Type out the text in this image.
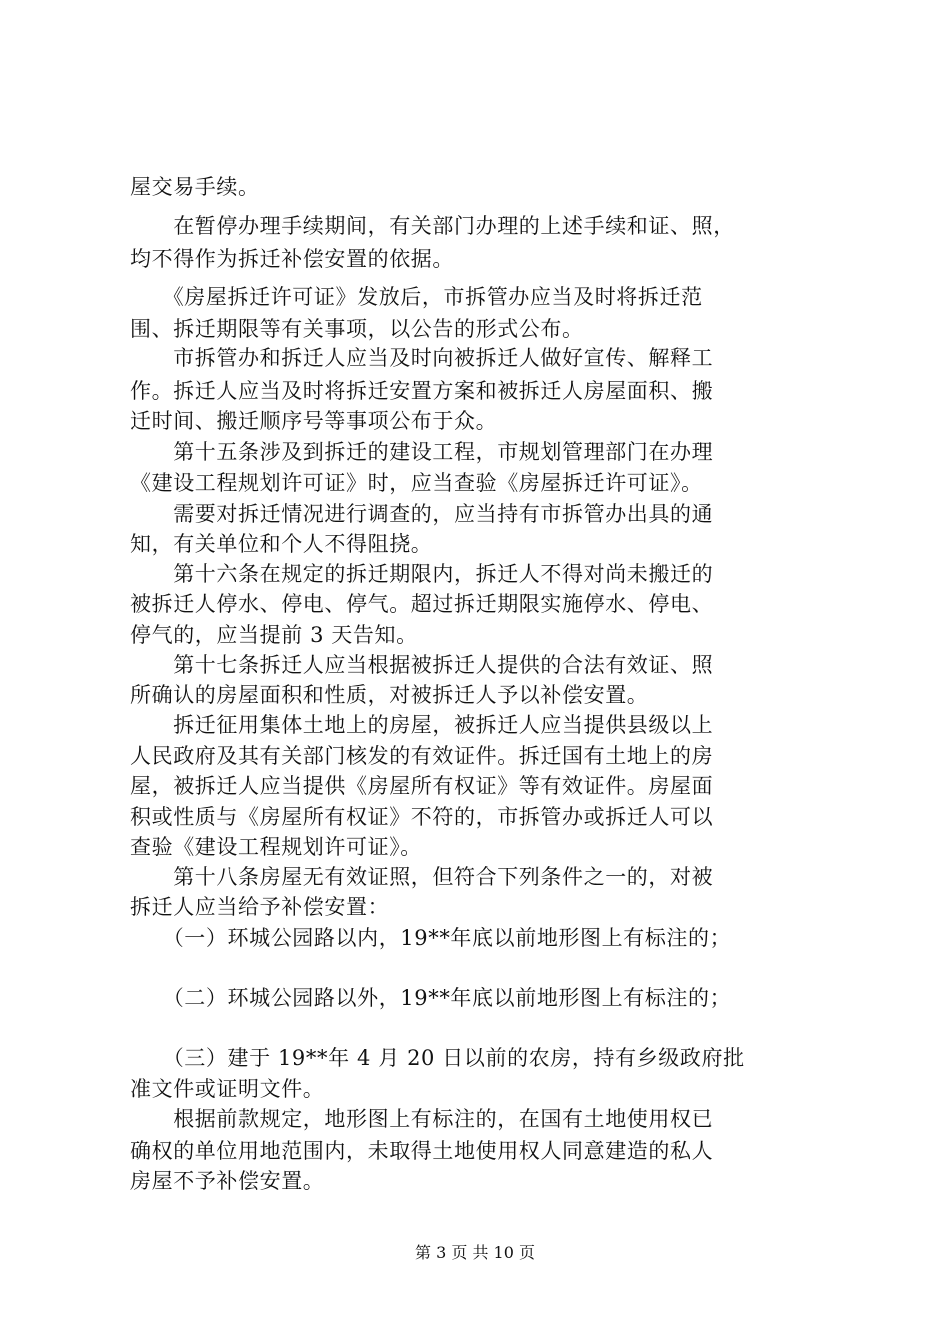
屋交易手续。
　　在暂停办理手续期间，有关部门办理的上述手续和证、照，
均不得作为拆迁补偿安置的依据。
　　《房屋拆迁许可证》发放后，市拆管办应当及时将拆迁范
围、拆迁期限等有关事项，以公告的形式公布。
　　市拆管办和拆迁人应当及时向被拆迁人做好宣传、解释工
作。拆迁人应当及时将拆迁安置方案和被拆迁人房屋面积、搬
迁时间、搬迁顺序号等事项公布于众。
　　第十五条涉及到拆迁的建设工程，市规划管理部门在办理
《建设工程规划许可证》时，应当查验《房屋拆迁许可证》。
　　需要对拆迁情况进行调查的，应当持有市拆管办出具的通
知，有关单位和个人不得阻挠。
　　第十六条在规定的拆迁期限内，拆迁人不得对尚未搬迁的
被拆迁人停水、停电、停气。超过拆迁期限实施停水、停电、
停气的，应当提前 3 天告知。
　　第十七条拆迁人应当根据被拆迁人提供的合法有效证、照
所确认的房屋面积和性质，对被拆迁人予以补偿安置。
　　拆迁征用集体土地上的房屋，被拆迁人应当提供县级以上
人民政府及其有关部门核发的有效证件。拆迁国有土地上的房
屋，被拆迁人应当提供《房屋所有权证》等有效证件。房屋面
积或性质与《房屋所有权证》不符的，市拆管办或拆迁人可以
查验《建设工程规划许可证》。
　　第十八条房屋无有效证照，但符合下列条件之一的，对被
拆迁人应当给予补偿安置：
　　（一）环城公园路以内，19**年底以前地形图上有标注的；
　　（二）环城公园路以外，19**年底以前地形图上有标注的；
　　（三）建于 19**年 4 月 20 日以前的农房，持有乡级政府批
准文件或证明文件。
　　根据前款规定，地形图上有标注的，在国有土地使用权已
确权的单位用地范围内，未取得土地使用权人同意建造的私人
房屋不予补偿安置。
第 3 页 共 10 页
